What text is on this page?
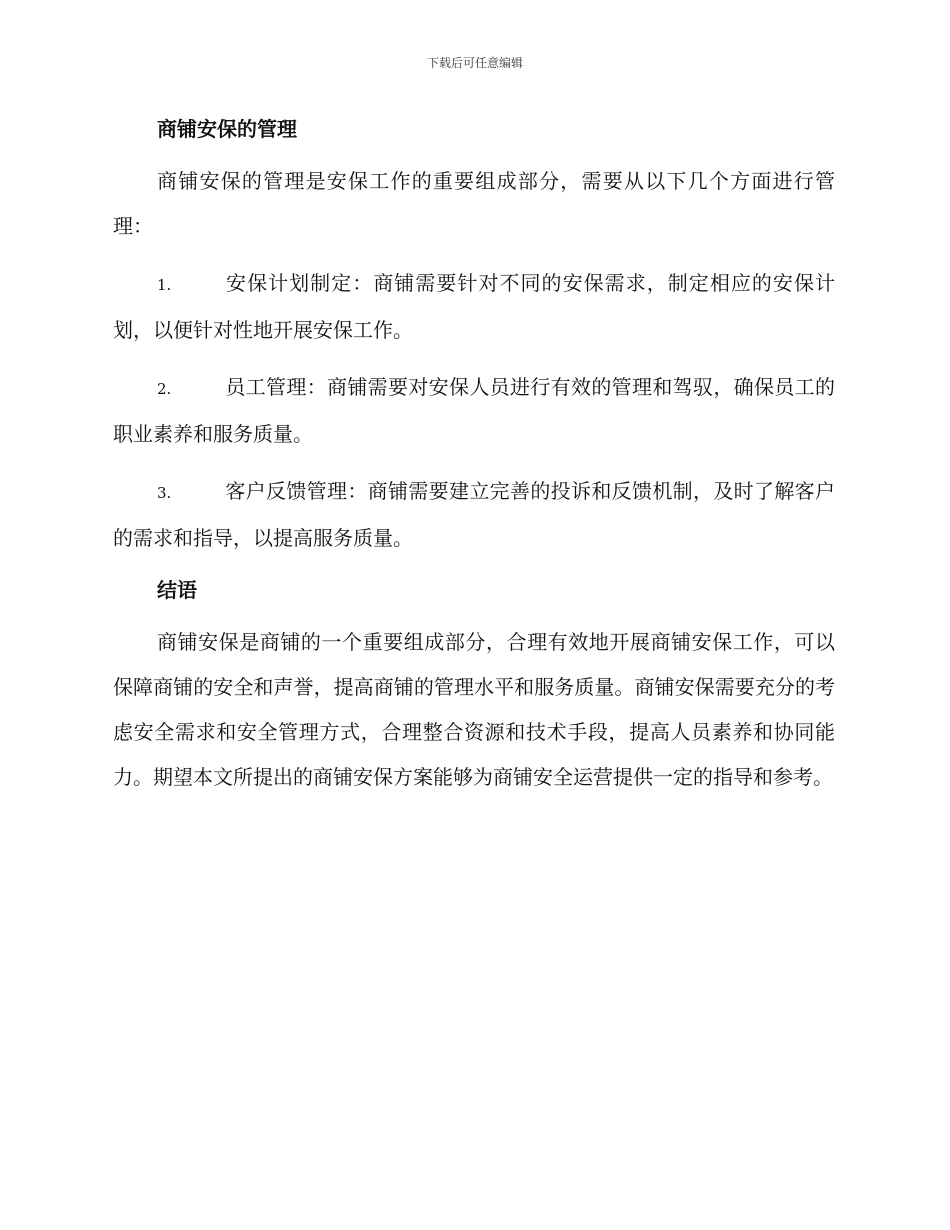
下载后可任意编辑
商铺安保的管理

商铺安保的管理是安保工作的重要组成部分，需要从以下几个方面进行管理：

1.	安保计划制定：商铺需要针对不同的安保需求，制定相应的安保计划，以便针对性地开展安保工作。

2.	员工管理：商铺需要对安保人员进行有效的管理和驾驭，确保员工的职业素养和服务质量。

3.	客户反馈管理：商铺需要建立完善的投诉和反馈机制，及时了解客户的需求和指导，以提高服务质量。

结语

商铺安保是商铺的一个重要组成部分，合理有效地开展商铺安保工作，可以保障商铺的安全和声誉，提高商铺的管理水平和服务质量。商铺安保需要充分的考虑安全需求和安全管理方式，合理整合资源和技术手段，提高人员素养和协同能力。期望本文所提出的商铺安保方案能够为商铺安全运营提供一定的指导和参考。
